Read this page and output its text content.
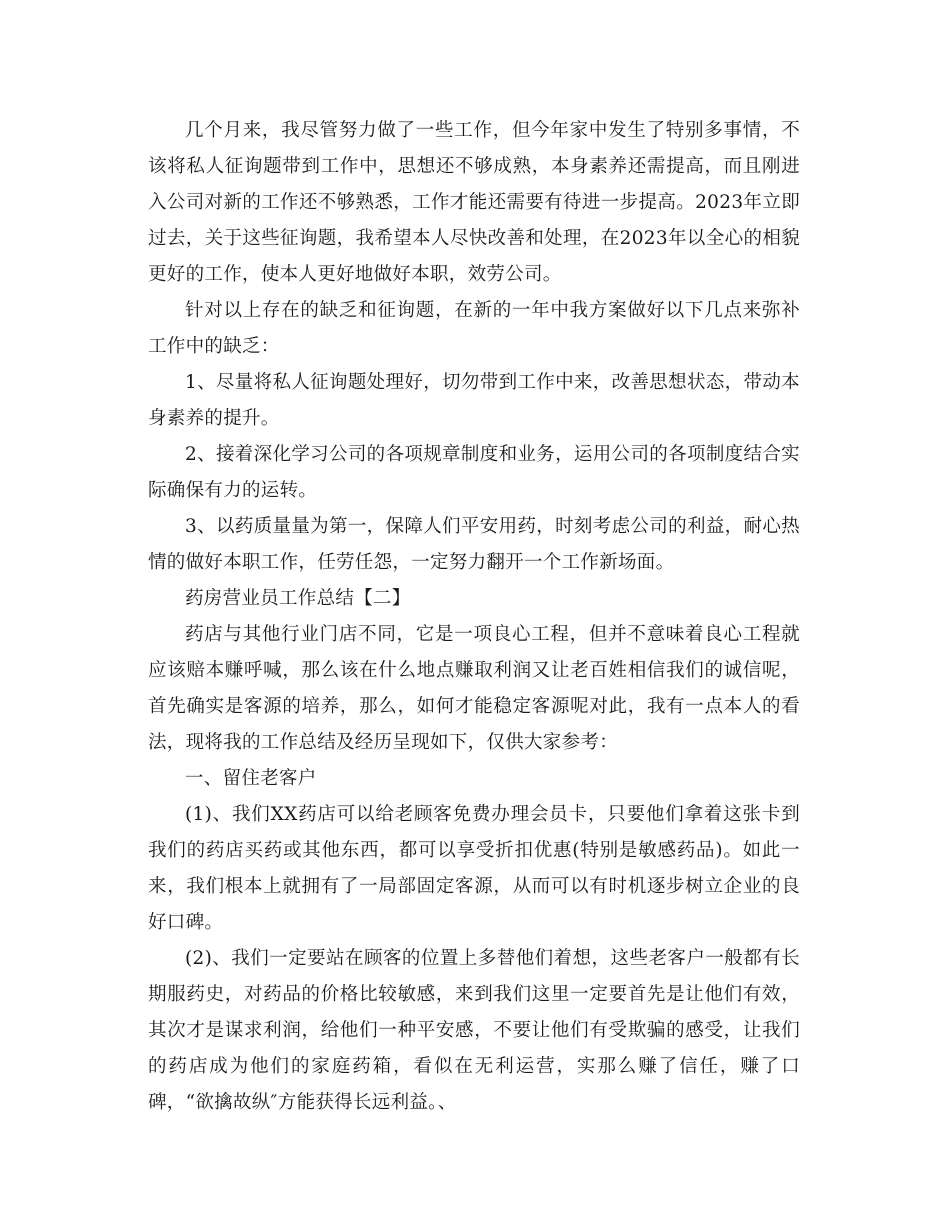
几个月来，我尽管努力做了一些工作，但今年家中发生了特别多事情，不该将私人征询题带到工作中，思想还不够成熟，本身素养还需提高，而且刚进入公司对新的工作还不够熟悉，工作才能还需要有待进一步提高。2023年立即过去，关于这些征询题，我希望本人尽快改善和处理，在2023年以全心的相貌更好的工作，使本人更好地做好本职，效劳公司。

针对以上存在的缺乏和征询题，在新的一年中我方案做好以下几点来弥补工作中的缺乏：

1、尽量将私人征询题处理好，切勿带到工作中来，改善思想状态，带动本身素养的提升。

2、接着深化学习公司的各项规章制度和业务，运用公司的各项制度结合实际确保有力的运转。

3、以药质量量为第一，保障人们平安用药，时刻考虑公司的利益，耐心热情的做好本职工作，任劳任怨，一定努力翻开一个工作新场面。

药房营业员工作总结【二】

药店与其他行业门店不同，它是一项良心工程，但并不意味着良心工程就应该赔本赚呼喊，那么该在什么地点赚取利润又让老百姓相信我们的诚信呢，首先确实是客源的培养，那么，如何才能稳定客源呢对此，我有一点本人的看法，现将我的工作总结及经历呈现如下，仅供大家参考：

一、留住老客户

(1)、我们XX药店可以给老顾客免费办理会员卡，只要他们拿着这张卡到我们的药店买药或其他东西，都可以享受折扣优惠(特别是敏感药品)。如此一来，我们根本上就拥有了一局部固定客源，从而可以有时机逐步树立企业的良好口碑。

(2)、我们一定要站在顾客的位置上多替他们着想，这些老客户一般都有长期服药史，对药品的价格比较敏感，来到我们这里一定要首先是让他们有效，其次才是谋求利润，给他们一种平安感，不要让他们有受欺骗的感受，让我们的药店成为他们的家庭药箱，看似在无利运营，实那么赚了信任，赚了口碑，“欲擒故纵″方能获得长远利益。、
